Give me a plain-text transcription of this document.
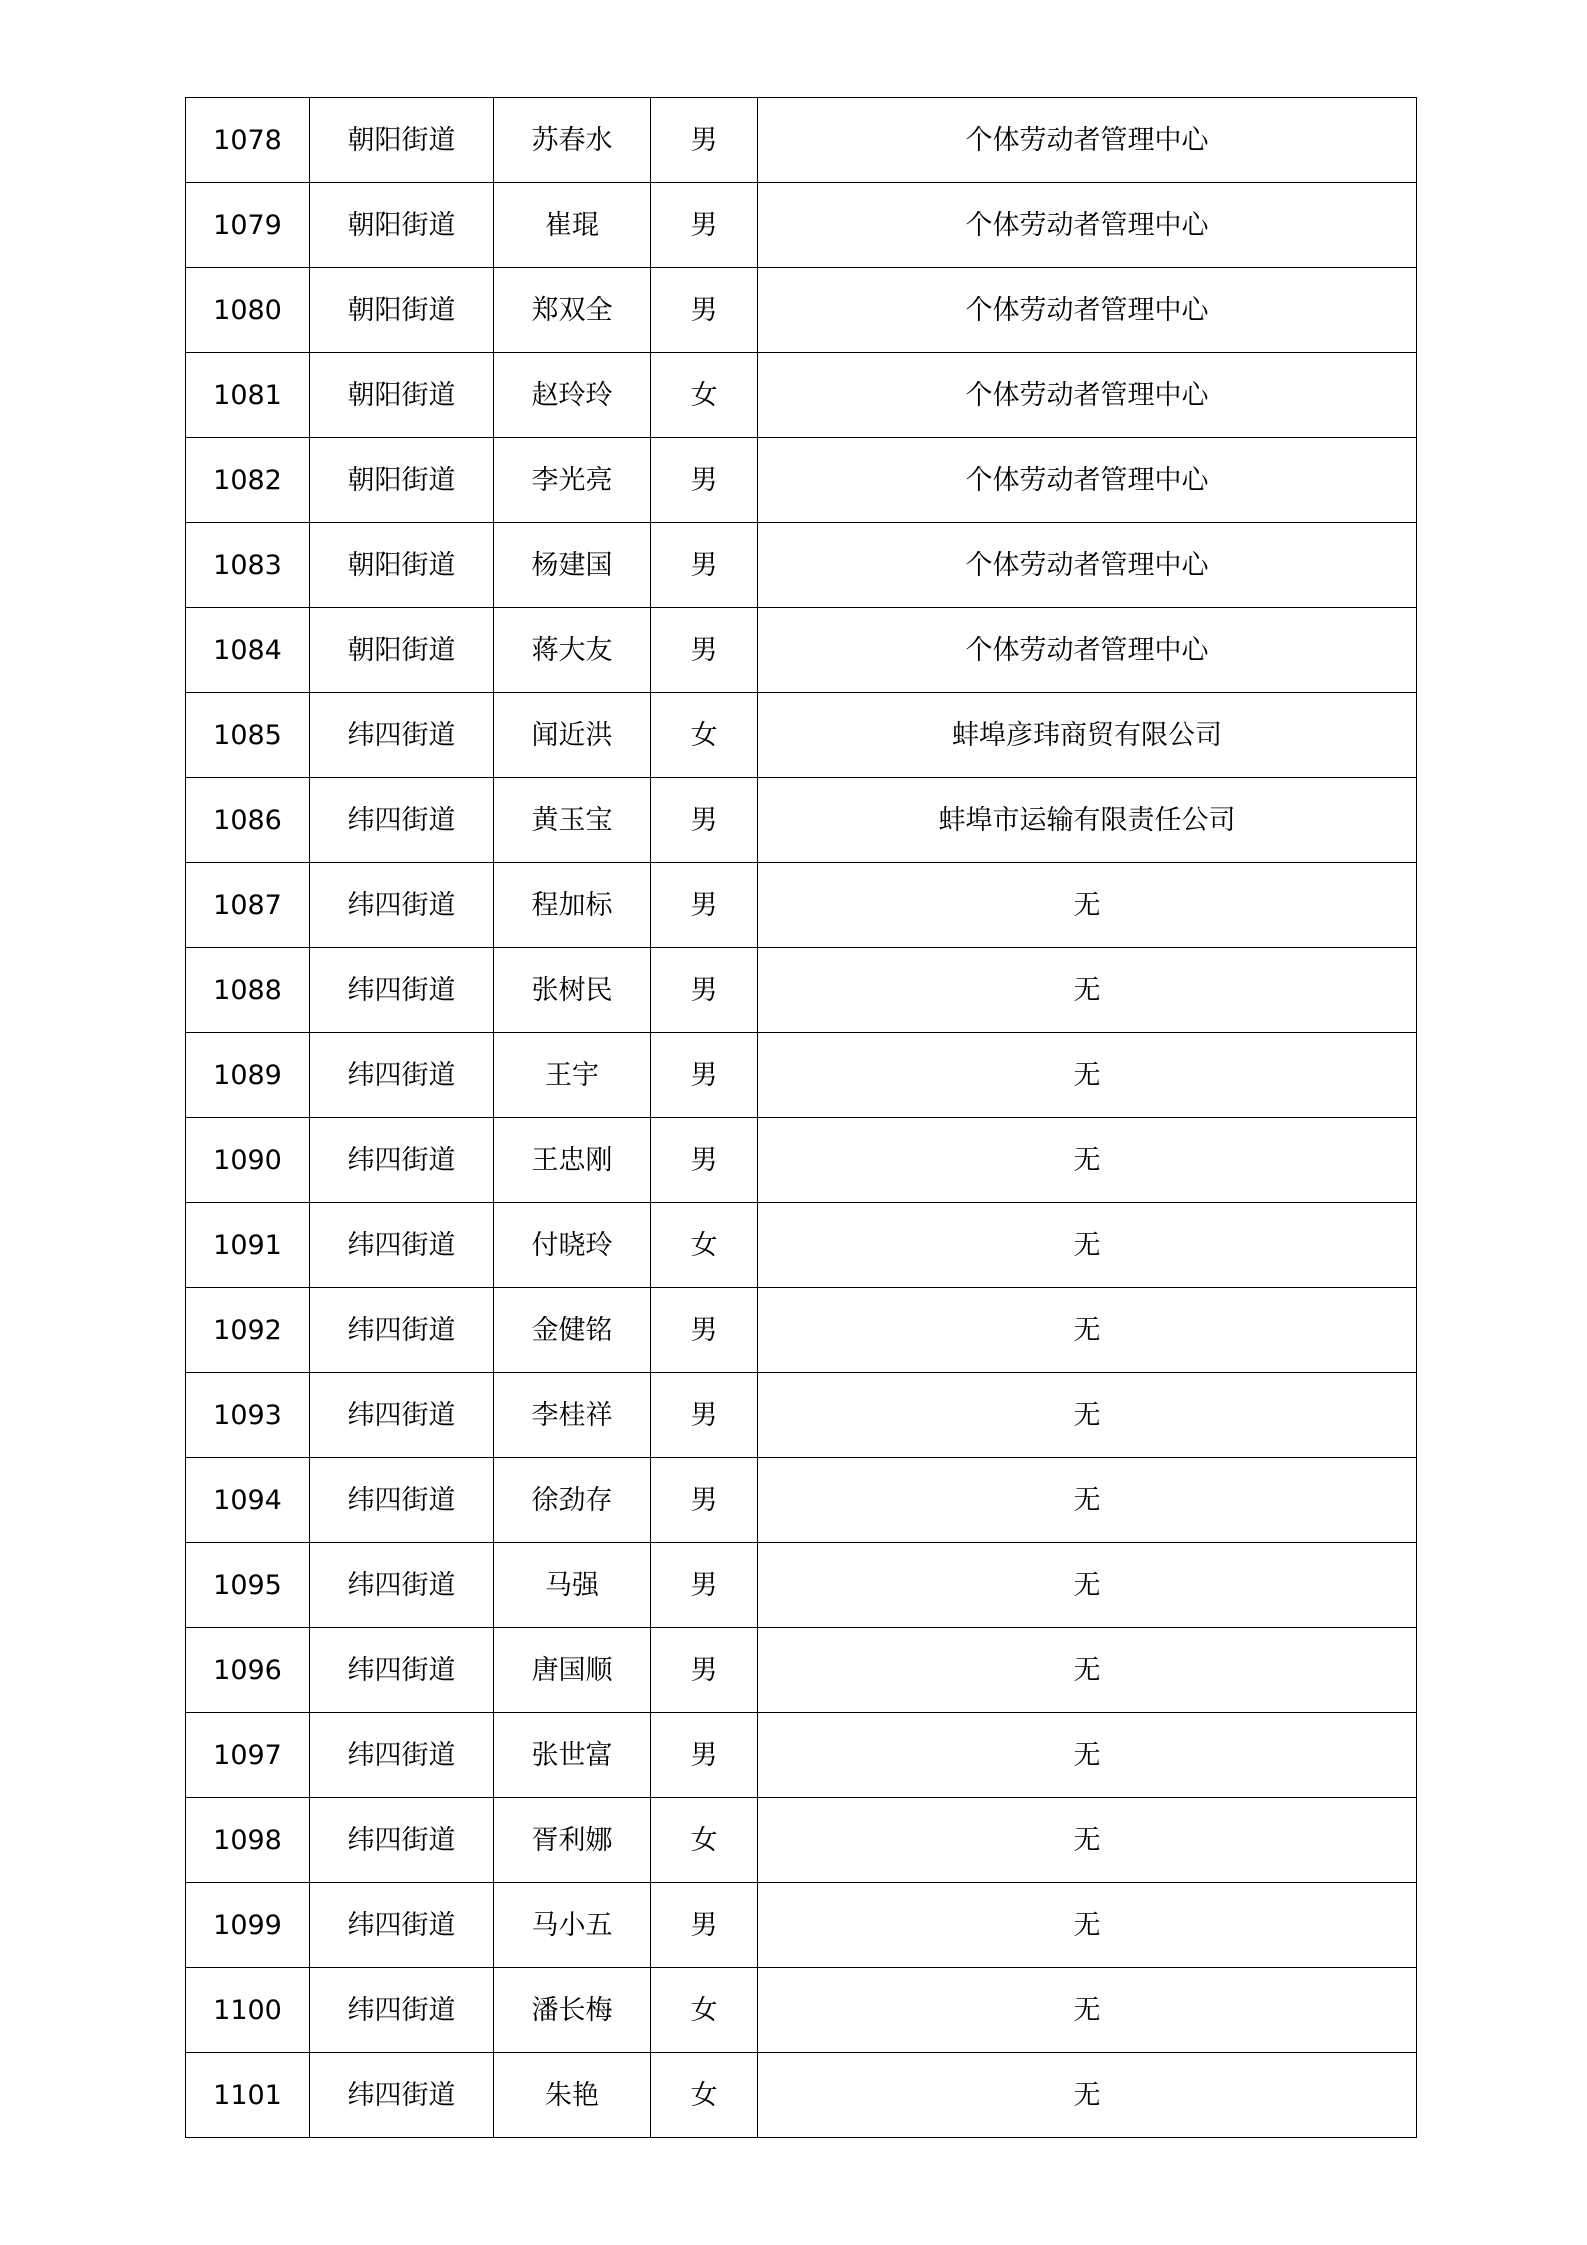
1078	朝阳街道	苏春水	男	个体劳动者管理中心
1079	朝阳街道	崔琨	男	个体劳动者管理中心
1080	朝阳街道	郑双全	男	个体劳动者管理中心
1081	朝阳街道	赵玲玲	女	个体劳动者管理中心
1082	朝阳街道	李光亮	男	个体劳动者管理中心
1083	朝阳街道	杨建国	男	个体劳动者管理中心
1084	朝阳街道	蒋大友	男	个体劳动者管理中心
1085	纬四街道	闻近洪	女	蚌埠彦玮商贸有限公司
1086	纬四街道	黄玉宝	男	蚌埠市运输有限责任公司
1087	纬四街道	程加标	男	无
1088	纬四街道	张树民	男	无
1089	纬四街道	王宇	男	无
1090	纬四街道	王忠刚	男	无
1091	纬四街道	付晓玲	女	无
1092	纬四街道	金健铭	男	无
1093	纬四街道	李桂祥	男	无
1094	纬四街道	徐劲存	男	无
1095	纬四街道	马强	男	无
1096	纬四街道	唐国顺	男	无
1097	纬四街道	张世富	男	无
1098	纬四街道	胥利娜	女	无
1099	纬四街道	马小五	男	无
1100	纬四街道	潘长梅	女	无
1101	纬四街道	朱艳	女	无
